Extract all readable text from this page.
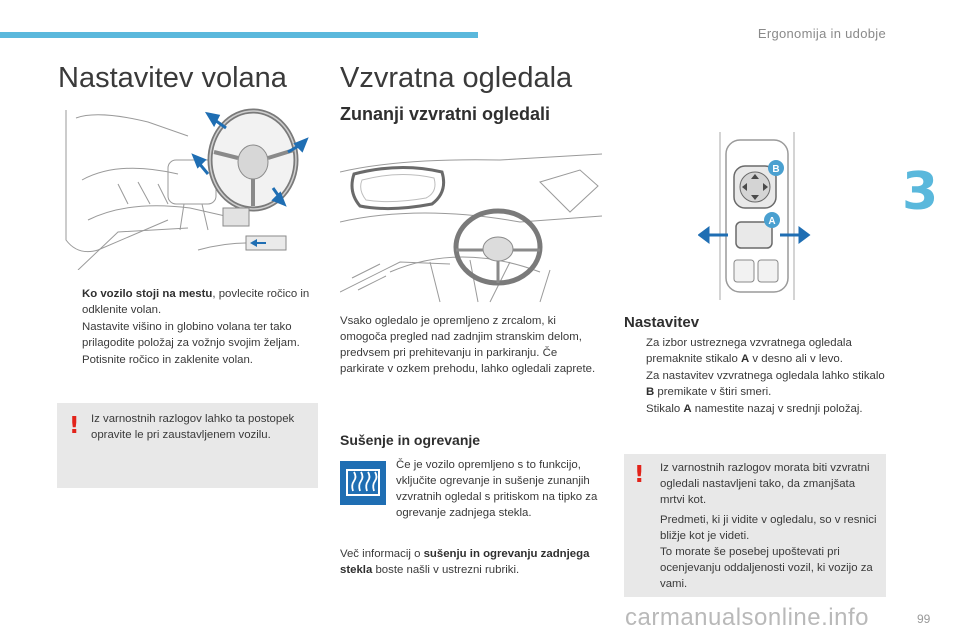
Ergonomija in udobje
3
Nastavitev volana
Ko vozilo stoji na mestu, povlecite ročico in odklenite volan.
Nastavite višino in globino volana ter tako prilagodite položaj za vožnjo svojim željam.
Potisnite ročico in zaklenite volan.
! Iz varnostnih razlogov lahko ta postopek opravite le pri zaustavljenem vozilu.

Vzvratna ogledala
Zunanji vzvratni ogledali

Vsako ogledalo je opremljeno z zrcalom, ki omogoča pregled nad zadnjim stranskim delom, predvsem pri prehitevanju in parkiranju. Če parkirate v ozkem prehodu, lahko ogledali zaprete.

Sušenje in ogrevanje

Če je vozilo opremljeno s to funkcijo, vključite ogrevanje in sušenje zunanjih vzvratnih ogledal s pritiskom na tipko za ogrevanje zadnjega stekla.

Več informacij o sušenju in ogrevanju zadnjega stekla boste našli v ustrezni rubriki.

B
A
Nastavitev
Za izbor ustreznega vzvratnega ogledala premaknite stikalo A v desno ali v levo.
Za nastavitev vzvratnega ogledala lahko stikalo B premikate v štiri smeri.
Stikalo A namestite nazaj v srednji položaj.
! Iz varnostnih razlogov morata biti vzvratni ogledali nastavljeni tako, da zmanjšata mrtvi kot.

Predmeti, ki ji vidite v ogledalu, so v resnici bližje kot je videti.

To morate še posebej upoštevati pri ocenjevanju oddaljenosti vozil, ki vozijo za vami.

carmanualsonline.info	99
